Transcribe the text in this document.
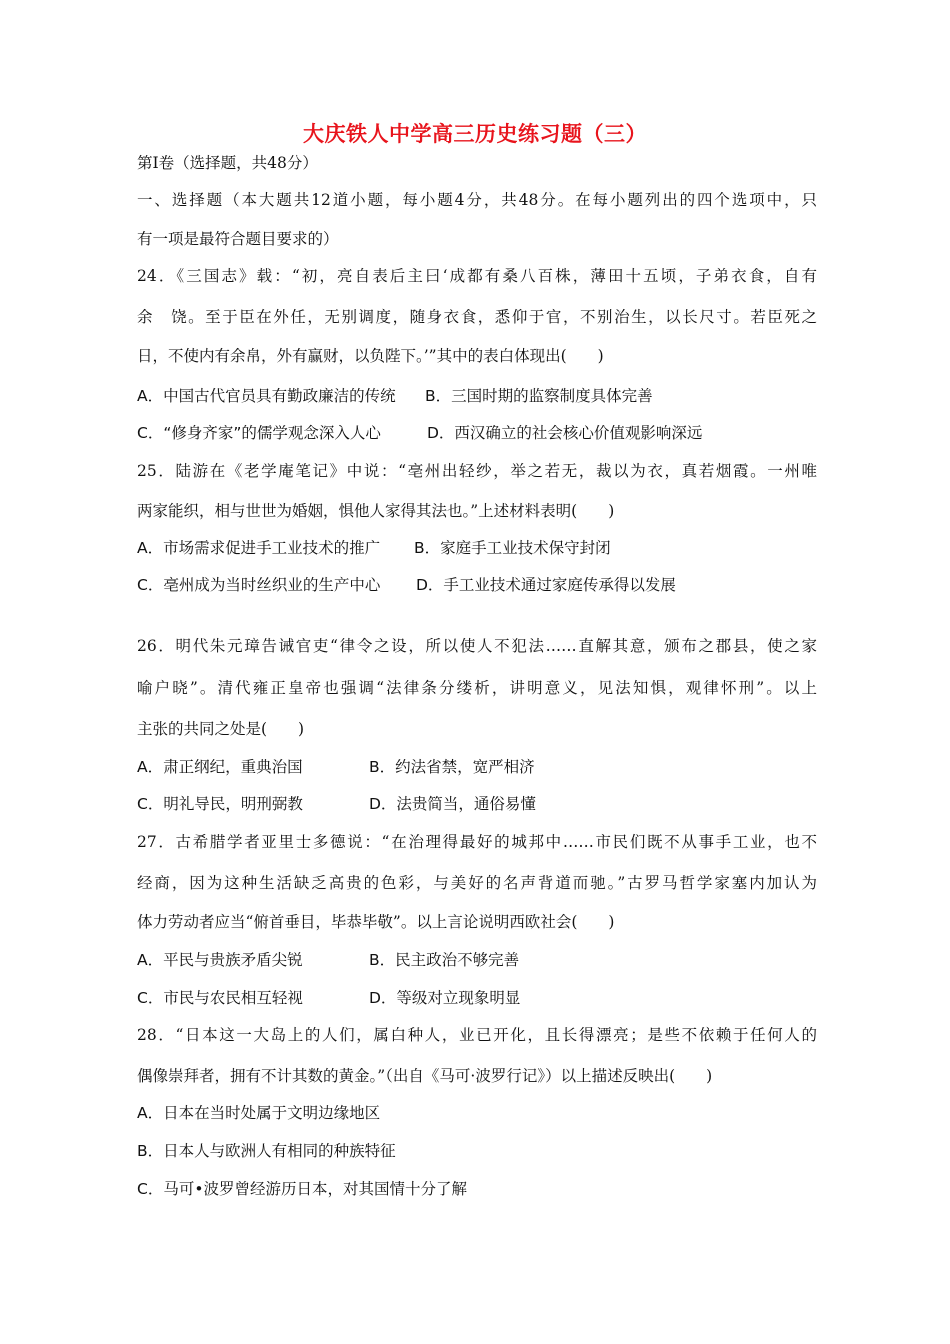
大庆铁人中学高三历史练习题（三）
第Ⅰ卷（选择题，共48分）
一、选择题（本大题共12道小题，每小题4分，共48分。在每小题列出的四个选项中，只
有一项是最符合题目要求的）
24．《三国志》载：“初，亮自表后主曰‘成都有桑八百株，薄田十五顷，子弟衣食，自有
余　饶。至于臣在外任，无别调度，随身衣食，悉仰于官，不别治生，以长尺寸。若臣死之
日，不使内有余帛，外有赢财，以负陛下。’”其中的表白体现出(　　)
A．中国古代官员具有勤政廉洁的传统 B．三国时期的监察制度具体完善
C．“修身齐家”的儒学观念深入人心	D．西汉确立的社会核心价值观影响深远
25．陆游在《老学庵笔记》中说：“亳州出轻纱，举之若无，裁以为衣，真若烟霞。一州唯
两家能织，相与世世为婚姻，惧他人家得其法也。”上述材料表明(　　)
A．市场需求促进手工业技术的推广 B．家庭手工业技术保守封闭
C．亳州成为当时丝织业的生产中心 D．手工业技术通过家庭传承得以发展
26．明代朱元璋告诫官吏“律令之设，所以使人不犯法……直解其意，颁布之郡县，使之家
喻户晓”。清代雍正皇帝也强调“法律条分缕析，讲明意义，见法知惧，观律怀刑”。以上
主张的共同之处是(　　)
A．肃正纲纪，重典治国	B．约法省禁，宽严相济
C．明礼导民，明刑弼教	D．法贵简当，通俗易懂
27．古希腊学者亚里士多德说：“在治理得最好的城邦中……市民们既不从事手工业，也不
经商，因为这种生活缺乏高贵的色彩，与美好的名声背道而驰。”古罗马哲学家塞内加认为
体力劳动者应当“俯首垂目，毕恭毕敬”。以上言论说明西欧社会(　　)
A．平民与贵族矛盾尖锐	B．民主政治不够完善
C．市民与农民相互轻视	D．等级对立现象明显
28．“日本这一大岛上的人们，属白种人，业已开化，且长得漂亮；是些不依赖于任何人的
偶像崇拜者，拥有不计其数的黄金。”（出自《马可·波罗行记》）以上描述反映出(　　)
A．日本在当时处属于文明边缘地区
B．日本人与欧洲人有相同的种族特征
C．马可•波罗曾经游历日本，对其国情十分了解
